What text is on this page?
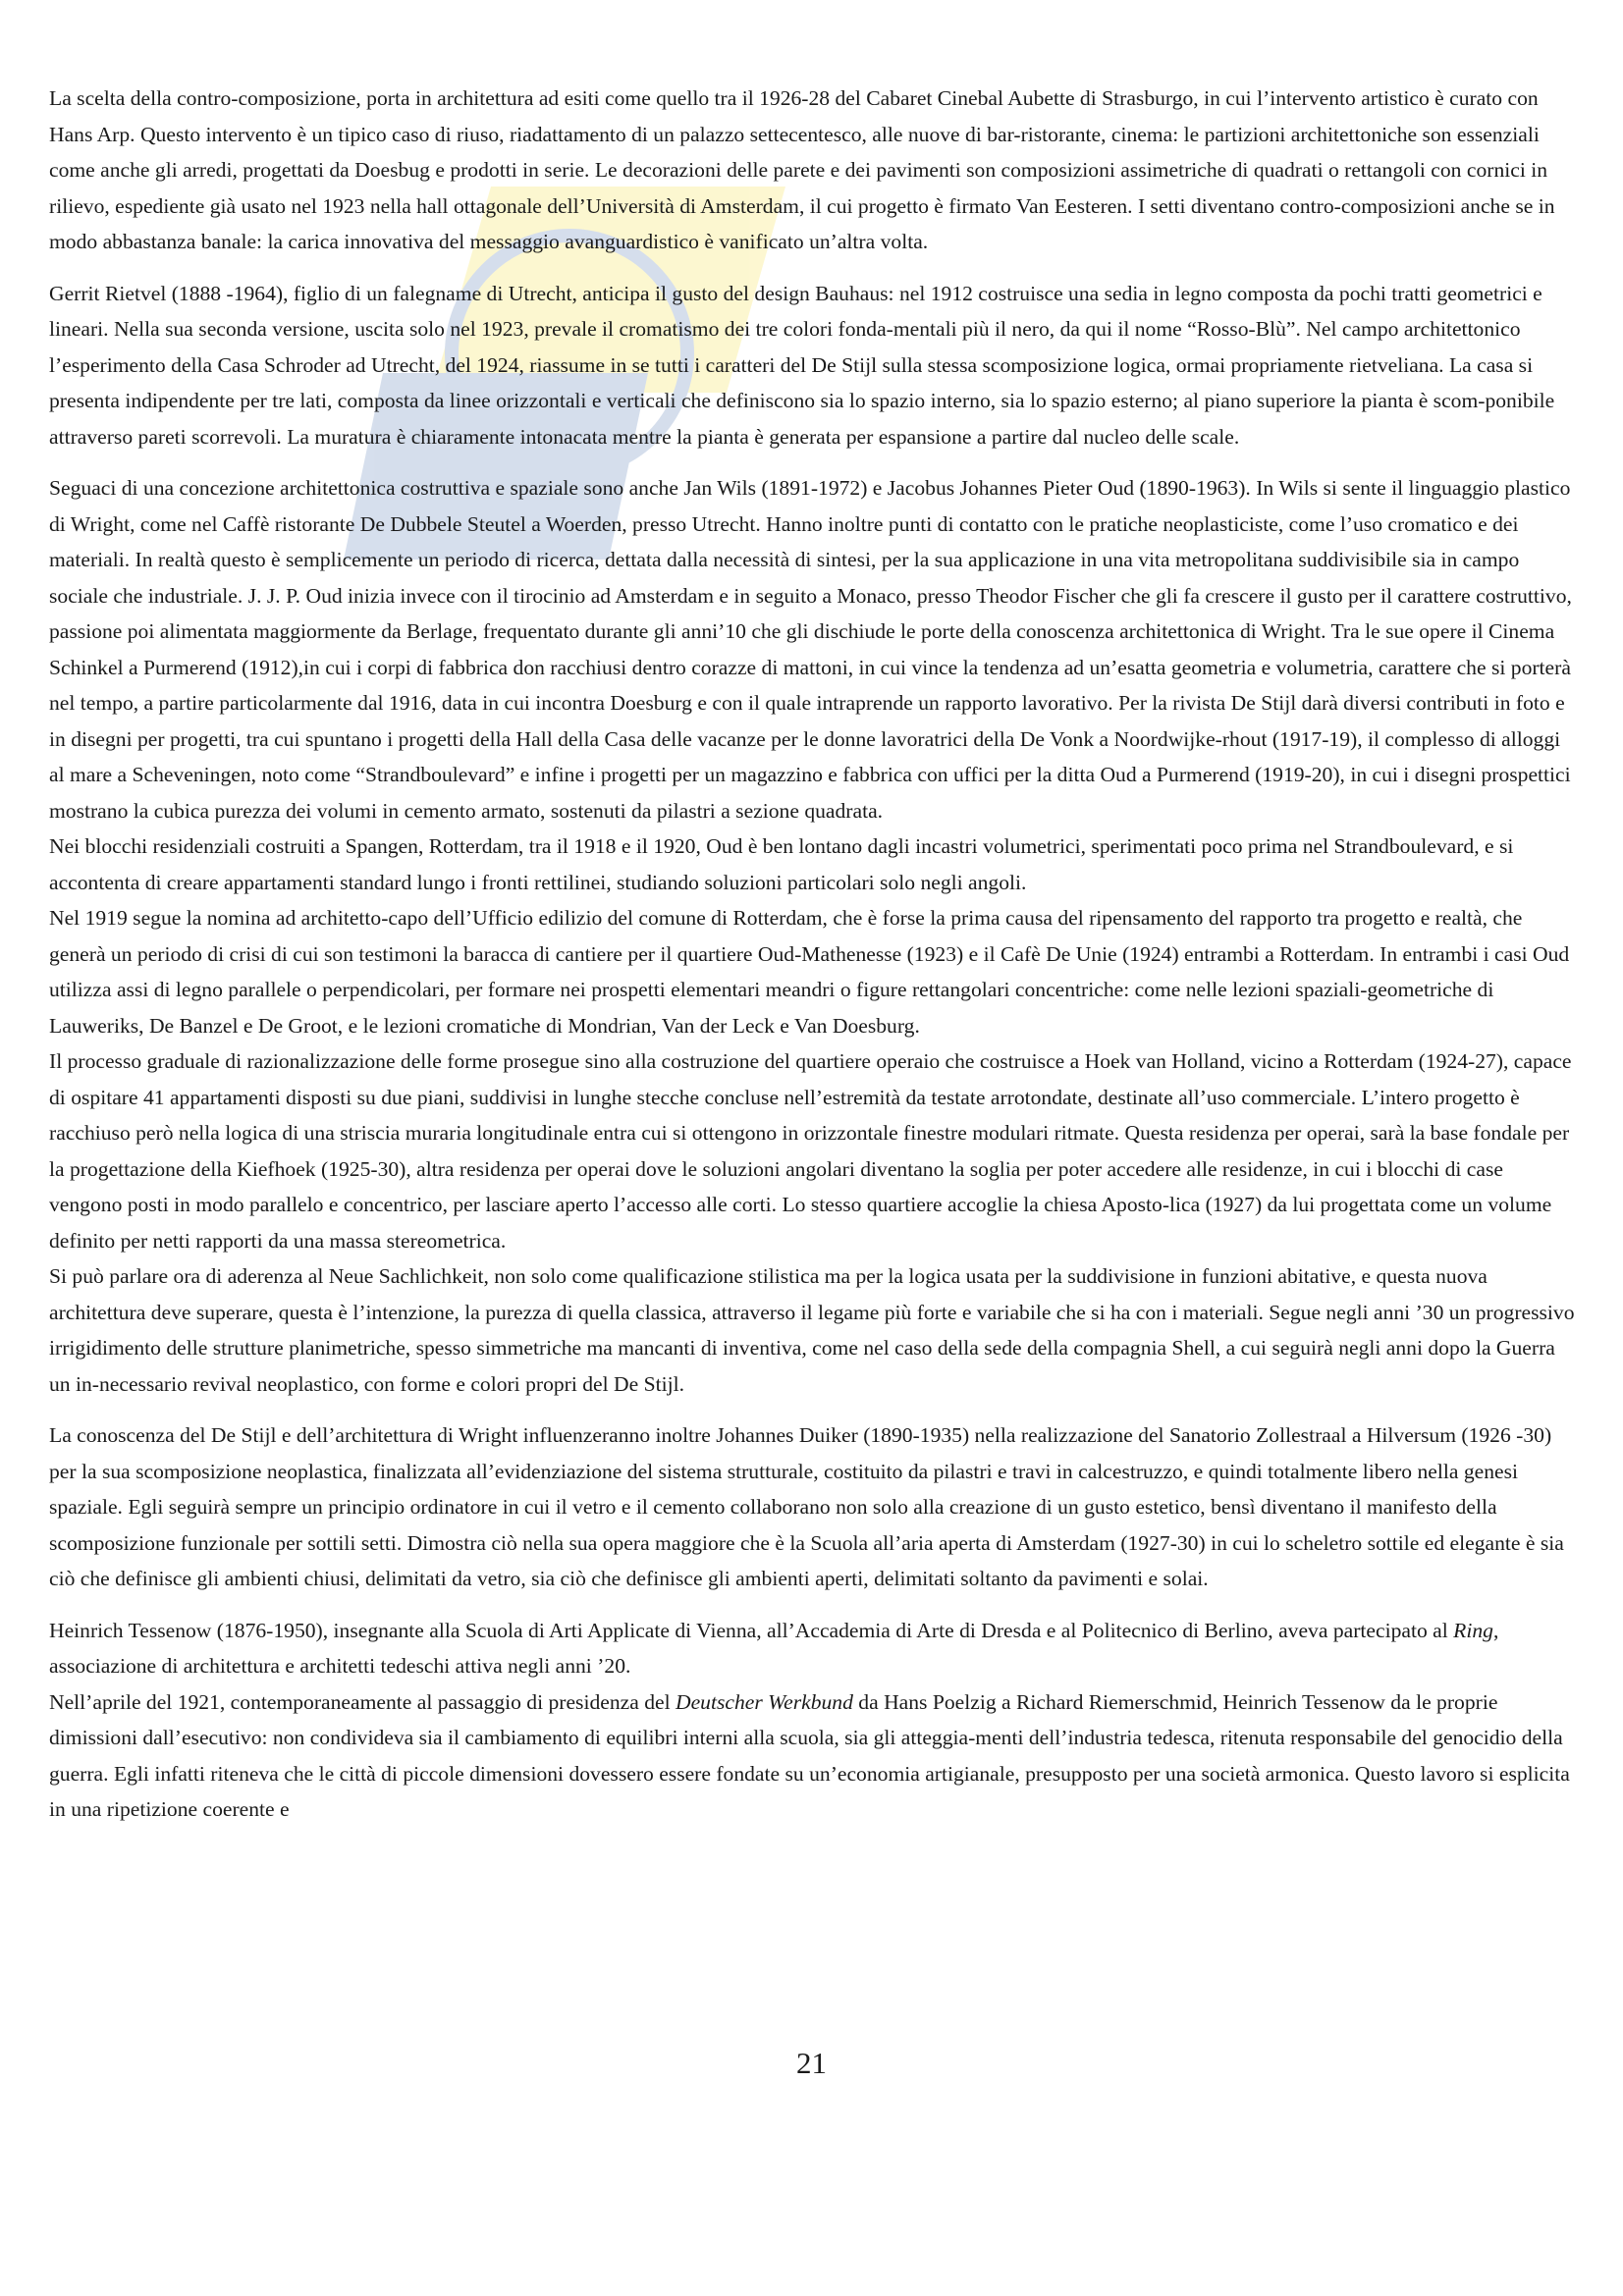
La scelta della contro-composizione, porta in architettura ad esiti come quello tra il 1926-28 del Cabaret Cinebal Aubette di Strasburgo, in cui l’intervento artistico è curato con Hans Arp. Questo intervento è un tipico caso di riuso, riadattamento di un palazzo settecentesco, alle nuove di bar-ristorante, cinema: le partizioni architettoniche son essenziali come anche gli arredi, progettati da Doesbug e prodotti in serie. Le decorazioni delle parete e dei pavimenti son composizioni assimetriche di quadrati o rettangoli con cornici in rilievo, espediente già usato nel 1923 nella hall ottagonale dell’Università di Amsterdam, il cui progetto è firmato Van Eesteren. I setti diventano contro-composizioni anche se in modo abbastanza banale: la carica innovativa del messaggio avanguardistico è vanificato un’altra volta.

Gerrit Rietvel (1888 -1964), figlio di un falegname di Utrecht, anticipa il gusto del design Bauhaus: nel 1912 costruisce una sedia in legno composta da pochi tratti geometrici e lineari. Nella sua seconda versione, uscita solo nel 1923, prevale il cromatismo dei tre colori fonda-mentali più il nero, da qui il nome “Rosso-Blù”. Nel campo architettonico l’esperimento della Casa Schroder ad Utrecht, del 1924, riassume in se tutti i caratteri del De Stijl sulla stessa scomposizione logica, ormai propriamente rietveliana. La casa si presenta indipendente per tre lati, composta da linee orizzontali e verticali che definiscono sia lo spazio interno, sia lo spazio esterno; al piano superiore la pianta è scom-ponibile attraverso pareti scorrevoli. La muratura è chiaramente intonacata mentre la pianta è generata per espansione a partire dal nucleo delle scale.

Seguaci di una concezione architettonica costruttiva e spaziale sono anche Jan Wils (1891-1972) e Jacobus Johannes Pieter Oud (1890-1963). In Wils si sente il linguaggio plastico di Wright, come nel Caffè ristorante De Dubbele Steutel a Woerden, presso Utrecht. Hanno inoltre punti di contatto con le pratiche neoplasticiste, come l’uso cromatico e dei materiali. In realtà questo è semplicemente un periodo di ricerca, dettata dalla necessità di sintesi, per la sua applicazione in una vita metropolitana suddivisibile sia in campo sociale che industriale. J. J. P. Oud inizia invece con il tirocinio ad Amsterdam e in seguito a Monaco, presso Theodor Fischer che gli fa crescere il gusto per il carattere costruttivo, passione poi alimentata maggiormente da Berlage, frequentato durante gli anni’10 che gli dischiude le porte della conoscenza architettonica di Wright. Tra le sue opere il Cinema Schinkel a Purmerend (1912),in cui i corpi di fabbrica don racchiusi dentro corazze di mattoni, in cui vince la tendenza ad un’esatta geometria e volumetria, carattere che si porterà nel tempo, a partire particolarmente dal 1916, data in cui incontra Doesburg e con il quale intraprende un rapporto lavorativo. Per la rivista De Stijl darà diversi contributi in foto e in disegni per progetti, tra cui spuntano i progetti della Hall della Casa delle vacanze per le donne lavoratrici della De Vonk a Noordwijke-rhout (1917-19), il complesso di alloggi al mare a Scheveningen, noto come “Strandboulevard” e infine i progetti per un magazzino e fabbrica con uffici per la ditta Oud a Purmerend (1919-20), in cui i disegni prospettici mostrano la cubica purezza dei volumi in cemento armato, sostenuti da pilastri a sezione quadrata.

Nei blocchi residenziali costruiti a Spangen, Rotterdam, tra il 1918 e il 1920, Oud è ben lontano dagli incastri volumetrici, sperimentati poco prima nel Strandboulevard, e si accontenta di creare appartamenti standard lungo i fronti rettilinei, studiando soluzioni particolari solo negli angoli.

Nel 1919 segue la nomina ad architetto-capo dell’Ufficio edilizio del comune di Rotterdam, che è forse la prima causa del ripensamento del rapporto tra progetto e realtà, che generà un periodo di crisi di cui son testimoni la baracca di cantiere per il quartiere Oud-Mathenesse (1923) e il Cafè De Unie (1924) entrambi a Rotterdam. In entrambi i casi Oud utilizza assi di legno parallele o perpendicolari, per formare nei prospetti elementari meandri o figure rettangolari concentriche: come nelle lezioni spaziali-geometriche di Lauweriks, De Banzel e De Groot, e le lezioni cromatiche di Mondrian, Van der Leck e Van Doesburg.

Il processo graduale di razionalizzazione delle forme prosegue sino alla costruzione del quartiere operaio che costruisce a Hoek van Holland, vicino a Rotterdam (1924-27), capace di ospitare 41 appartamenti disposti su due piani, suddivisi in lunghe stecche concluse nell’estremità da testate arrotondate, destinate all’uso commerciale. L’intero progetto è racchiuso però nella logica di una striscia muraria longitudinale entra cui si ottengono in orizzontale finestre modulari ritmate. Questa residenza per operai, sarà la base fondale per la progettazione della Kiefhoek (1925-30), altra residenza per operai dove le soluzioni angolari diventano la soglia per poter accedere alle residenze, in cui i blocchi di case vengono posti in modo parallelo e concentrico, per lasciare aperto l’accesso alle corti. Lo stesso quartiere accoglie la chiesa Aposto-lica (1927) da lui progettata come un volume definito per netti rapporti da una massa stereometrica.

Si può parlare ora di aderenza al Neue Sachlichkeit, non solo come qualificazione stilistica ma per la logica usata per la suddivisione in funzioni abitative, e questa nuova architettura deve superare, questa è l’intenzione, la purezza di quella classica, attraverso il legame più forte e variabile che si ha con i materiali. Segue negli anni ’30 un progressivo irrigidimento delle strutture planimetriche, spesso simmetriche ma mancanti di inventiva, come nel caso della sede della compagnia Shell, a cui seguirà negli anni dopo la Guerra un in-necessario revival neoplastico, con forme e colori propri del De Stijl.

La conoscenza del De Stijl e dell’architettura di Wright influenzeranno inoltre Johannes Duiker (1890-1935) nella realizzazione del Sanatorio Zollestraal a Hilversum (1926 -30) per la sua scomposizione neoplastica, finalizzata all’evidenziazione del sistema strutturale, costituito da pilastri e travi in calcestruzzo, e quindi totalmente libero nella genesi spaziale. Egli seguirà sempre un principio ordinatore in cui il vetro e il cemento collaborano non solo alla creazione di un gusto estetico, bensì diventano il manifesto della scomposizione funzionale per sottili setti. Dimostra ciò nella sua opera maggiore che è la Scuola all’aria aperta di Amsterdam (1927-30) in cui lo scheletro sottile ed elegante è sia ciò che definisce gli ambienti chiusi, delimitati da vetro, sia ciò che definisce gli ambienti aperti, delimitati soltanto da pavimenti e solai.

Heinrich Tessenow (1876-1950), insegnante alla Scuola di Arti Applicate di Vienna, all’Accademia di Arte di Dresda e al Politecnico di Berlino, aveva partecipato al Ring, associazione di architettura e architetti tedeschi attiva negli anni ’20.

Nell’aprile del 1921, contemporaneamente al passaggio di presidenza del Deutscher Werkbund da Hans Poelzig a Richard Riemerschmid, Heinrich Tessenow da le proprie dimissioni dall’esecutivo: non condivideva sia il cambiamento di equilibri interni alla scuola, sia gli atteggia-menti dell’industria tedesca, ritenuta responsabile del genocidio della guerra. Egli infatti riteneva che le città di piccole dimensioni dovessero essere fondate su un’economia artigianale, presupposto per una società armonica. Questo lavoro si esplicita in una ripetizione coerente e

21
